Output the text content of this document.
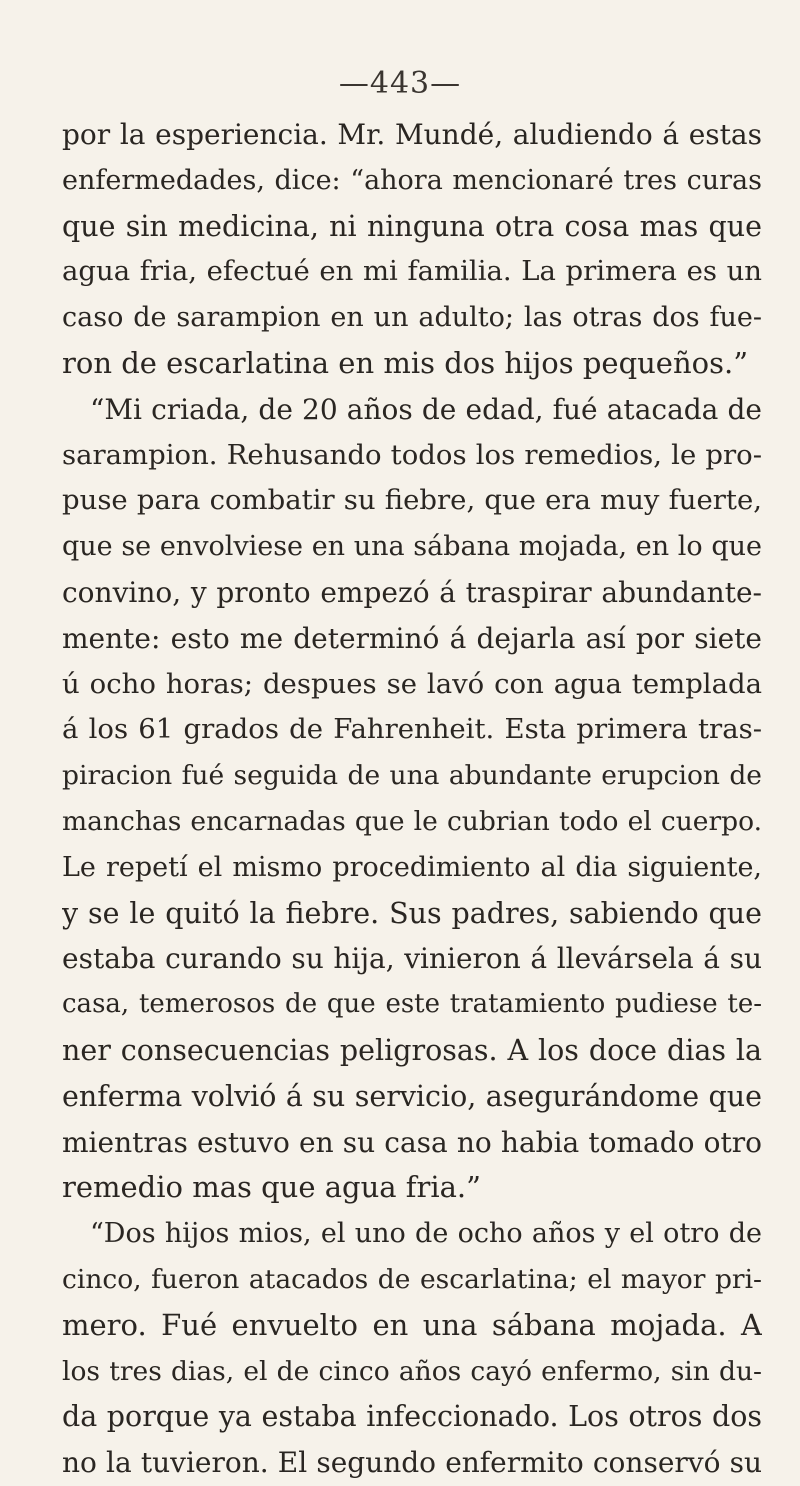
—443—
por la esperiencia. Mr. Mundé, aludiendo á estas
enfermedades, dice: “ahora mencionaré tres curas
que sin medicina, ni ninguna otra cosa mas que
agua fria, efectué en mi familia. La primera es un
caso de sarampion en un adulto; las otras dos fue-
ron de escarlatina en mis dos hijos pequeños.”
“Mi criada, de 20 años de edad, fué atacada de
sarampion. Rehusando todos los remedios, le pro-
puse para combatir su fiebre, que era muy fuerte,
que se envolviese en una sábana mojada, en lo que
convino, y pronto empezó á traspirar abundante-
mente: esto me determinó á dejarla así por siete
ú ocho horas; despues se lavó con agua templada
á los 61 grados de Fahrenheit. Esta primera tras-
piracion fué seguida de una abundante erupcion de
manchas encarnadas que le cubrian todo el cuerpo.
Le repetí el mismo procedimiento al dia siguiente,
y se le quitó la fiebre. Sus padres, sabiendo que
estaba curando su hija, vinieron á llevársela á su
casa, temerosos de que este tratamiento pudiese te-
ner consecuencias peligrosas. A los doce dias la
enferma volvió á su servicio, asegurándome que
mientras estuvo en su casa no habia tomado otro
remedio mas que agua fria.”
“Dos hijos mios, el uno de ocho años y el otro de
cinco, fueron atacados de escarlatina; el mayor pri-
mero. Fué envuelto en una sábana mojada. A
los tres dias, el de cinco años cayó enfermo, sin du-
da porque ya estaba infeccionado. Los otros dos
no la tuvieron. El segundo enfermito conservó su
